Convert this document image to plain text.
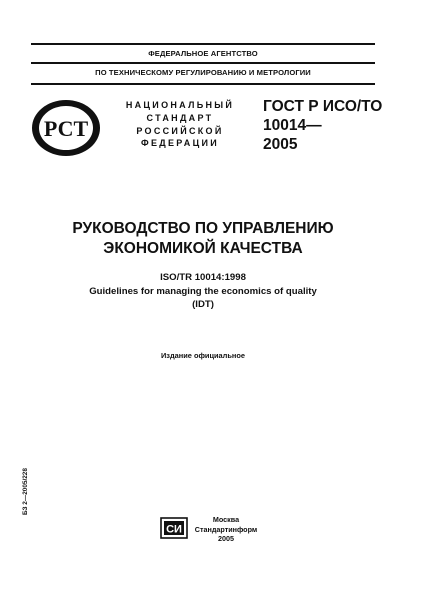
ФЕДЕРАЛЬНОЕ АГЕНТСТВО
ПО ТЕХНИЧЕСКОМУ РЕГУЛИРОВАНИЮ И МЕТРОЛОГИИ
РСТ
НАЦИОНАЛЬНЫЙ
СТАНДАРТ
РОССИЙСКОЙ
ФЕДЕРАЦИИ
ГОСТ Р ИСО/ТО
10014—
2005
РУКОВОДСТВО ПО УПРАВЛЕНИЮ
ЭКОНОМИКОЙ КАЧЕСТВА
ISO/TR 10014:1998
Guidelines for managing the economics of quality
(IDT)
Издание официальное
БЗ 2—2005/228
СИ
Москва
Стандартинформ
2005
